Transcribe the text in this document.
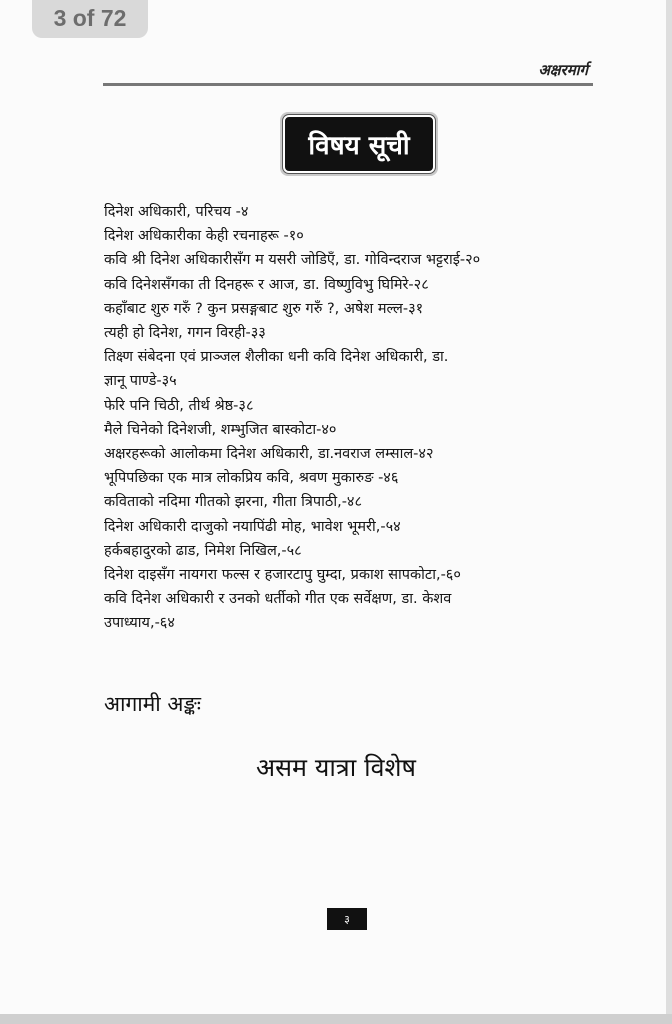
3 of 72
अक्षरमार्ग
विषय सूची
दिनेश अधिकारी, परिचय -४
दिनेश अधिकारीका केही रचनाहरू -१०
कवि श्री दिनेश अधिकारीसँग म यसरी जोडिएँ, डा. गोविन्दराज भट्टराई-२०
कवि दिनेशसँगका ती दिनहरू र आज, डा. विष्णुविभु घिमिरे-२८
कहाँबाट शुरु गरुँ ? कुन प्रसङ्गबाट शुरु गरुँ ?, अषेश मल्ल-३१
त्यही हो दिनेश, गगन विरही-३३
तिक्ष्ण संबेदना एवं प्राञ्जल शैलीका धनी कवि दिनेश अधिकारी, डा.
ज्ञानू पाण्डे-३५
फेरि पनि चिठी, तीर्थ श्रेष्ठ-३८
मैले चिनेको दिनेशजी, शम्भुजित बास्कोटा-४०
अक्षरहरूको आलोकमा दिनेश अधिकारी, डा.नवराज लम्साल-४२
भूपिपछिका एक मात्र लोकप्रिय कवि, श्रवण मुकारुङ -४६
कविताको नदिमा गीतको झरना, गीता त्रिपाठी,-४८
दिनेश अधिकारी दाजुको नयापिंढी मोह, भावेश भूमरी,-५४
हर्कबहादुरको ढाड, निमेश निखिल,-५८
दिनेश दाइसँग नायगरा फल्स र हजारटापु घुम्दा, प्रकाश सापकोटा,-६०
कवि दिनेश अधिकारी र उनको धर्तीको गीत एक सर्वेक्षण, डा. केशव
उपाध्याय,-६४
आगामी अङ्कः
असम यात्रा विशेष
३
